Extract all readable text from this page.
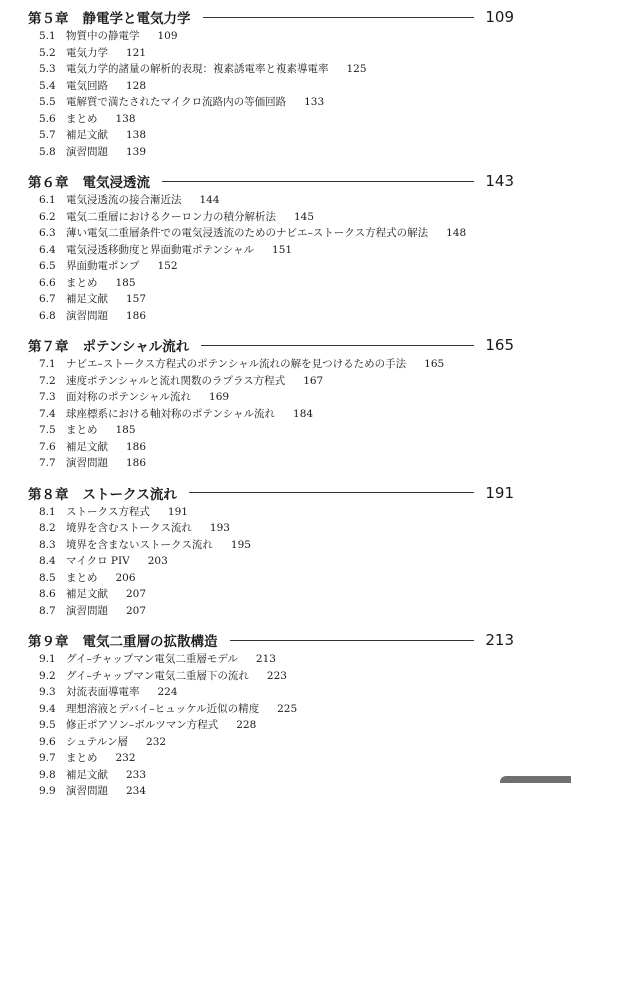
第５章 静電学と電気力学	109
5.1 物質中の静電学 109
5.2 電気力学 121
5.3 電気力学的諸量の解析的表現：複素誘電率と複素導電率 125
5.4 電気回路 128
5.5 電解質で満たされたマイクロ流路内の等価回路 133
5.6 まとめ 138
5.7 補足文献 138
5.8 演習問題 139
第６章 電気浸透流	143
6.1 電気浸透流の接合漸近法 144
6.2 電気二重層におけるクーロン力の積分解析法 145
6.3 薄い電気二重層条件での電気浸透流のためのナビエ–ストークス方程式の解法 148
6.4 電気浸透移動度と界面動電ポテンシャル 151
6.5 界面動電ポンプ 152
6.6 まとめ 185
6.7 補足文献 157
6.8 演習問題 186
第７章 ポテンシャル流れ	165
7.1 ナビエ–ストークス方程式のポテンシャル流れの解を見つけるための手法 165
7.2 速度ポテンシャルと流れ関数のラプラス方程式 167
7.3 面対称のポテンシャル流れ 169
7.4 球座標系における軸対称のポテンシャル流れ 184
7.5 まとめ 185
7.6 補足文献 186
7.7 演習問題 186
第８章 ストークス流れ	191
8.1 ストークス方程式 191
8.2 境界を含むストークス流れ 193
8.3 境界を含まないストークス流れ 195
8.4 マイクロ PIV 203
8.5 まとめ 206
8.6 補足文献 207
8.7 演習問題 207
第９章 電気二重層の拡散構造	213
9.1 グイ–チャップマン電気二重層モデル 213
9.2 グイ–チャップマン電気二重層下の流れ 223
9.3 対流表面導電率 224
9.4 理想溶液とデバイ–ヒュッケル近似の精度 225
9.5 修正ポアソン–ボルツマン方程式 228
9.6 シュテルン層 232
9.7 まとめ 232
9.8 補足文献 233
9.9 演習問題 234
